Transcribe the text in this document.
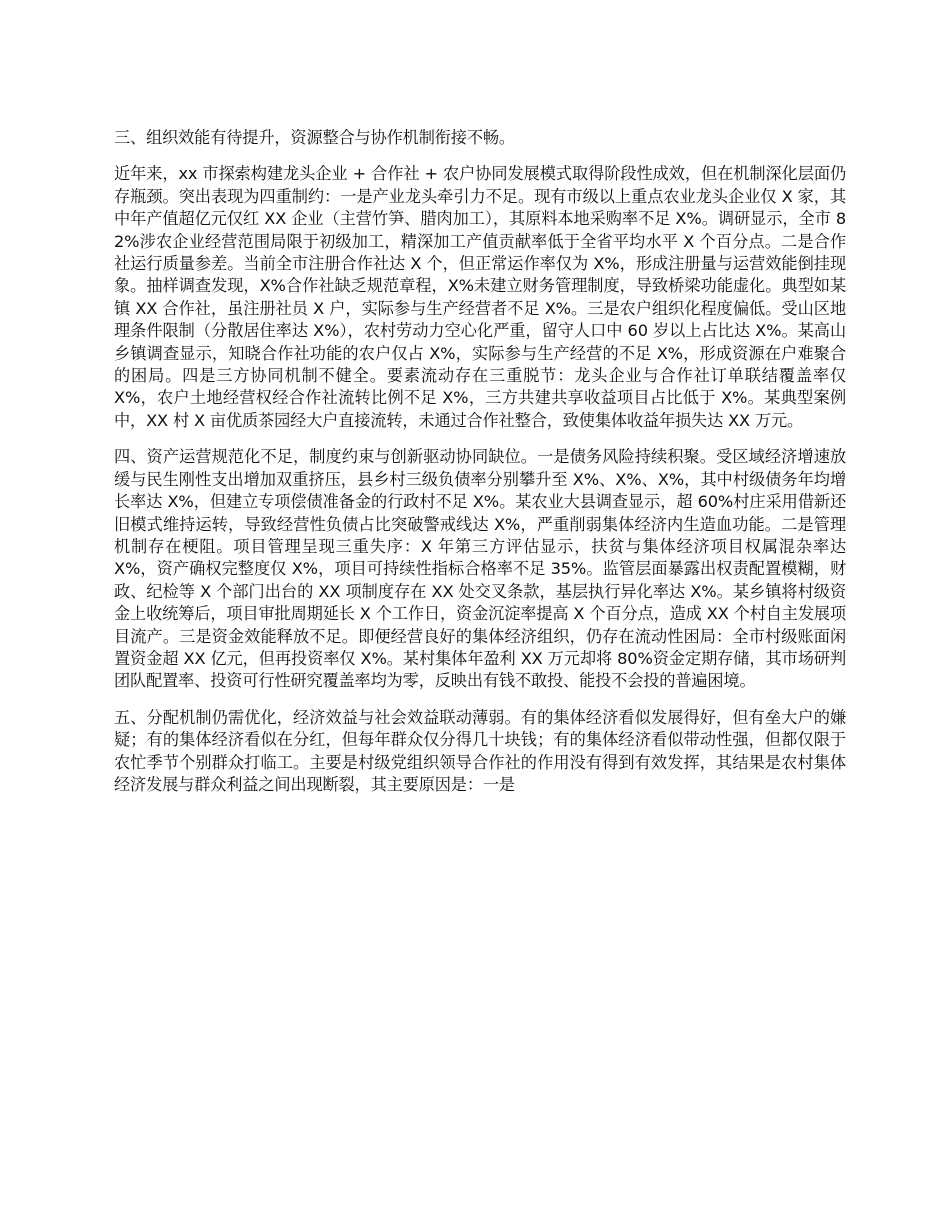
三、组织效能有待提升，资源整合与协作机制衔接不畅。

近年来，xx 市探索构建龙头企业 + 合作社 + 农户协同发展模式取得阶段性成效，但在机制深化层面仍存瓶颈。突出表现为四重制约：一是产业龙头牵引力不足。现有市级以上重点农业龙头企业仅 X 家，其中年产值超亿元仅红 XX 企业（主营竹笋、腊肉加工），其原料本地采购率不足 X%。调研显示，全市 82%涉农企业经营范围局限于初级加工，精深加工产值贡献率低于全省平均水平 X 个百分点。二是合作社运行质量参差。当前全市注册合作社达 X 个，但正常运作率仅为 X%，形成注册量与运营效能倒挂现象。抽样调查发现，X%合作社缺乏规范章程，X%未建立财务管理制度，导致桥梁功能虚化。典型如某镇 XX 合作社，虽注册社员 X 户，实际参与生产经营者不足 X%。三是农户组织化程度偏低。受山区地理条件限制（分散居住率达 X%），农村劳动力空心化严重，留守人口中 60 岁以上占比达 X%。某高山乡镇调查显示，知晓合作社功能的农户仅占 X%，实际参与生产经营的不足 X%，形成资源在户难聚合的困局。四是三方协同机制不健全。要素流动存在三重脱节：龙头企业与合作社订单联结覆盖率仅 X%，农户土地经营权经合作社流转比例不足 X%，三方共建共享收益项目占比低于 X%。某典型案例中，XX 村 X 亩优质茶园经大户直接流转，未通过合作社整合，致使集体收益年损失达 XX 万元。

四、资产运营规范化不足，制度约束与创新驱动协同缺位。一是债务风险持续积聚。受区域经济增速放缓与民生刚性支出增加双重挤压，县乡村三级负债率分别攀升至 X%、X%、X%，其中村级债务年均增长率达 X%，但建立专项偿债准备金的行政村不足 X%。某农业大县调查显示，超 60%村庄采用借新还旧模式维持运转，导致经营性负债占比突破警戒线达 X%，严重削弱集体经济内生造血功能。二是管理机制存在梗阻。项目管理呈现三重失序：X 年第三方评估显示，扶贫与集体经济项目权属混杂率达 X%，资产确权完整度仅 X%，项目可持续性指标合格率不足 35%。监管层面暴露出权责配置模糊，财政、纪检等 X 个部门出台的 XX 项制度存在 XX 处交叉条款，基层执行异化率达 X%。某乡镇将村级资金上收统筹后，项目审批周期延长 X 个工作日，资金沉淀率提高 X 个百分点，造成 XX 个村自主发展项目流产。三是资金效能释放不足。即便经营良好的集体经济组织，仍存在流动性困局：全市村级账面闲置资金超 XX 亿元，但再投资率仅 X%。某村集体年盈利 XX 万元却将 80%资金定期存储，其市场研判团队配置率、投资可行性研究覆盖率均为零，反映出有钱不敢投、能投不会投的普遍困境。

五、分配机制仍需优化，经济效益与社会效益联动薄弱。有的集体经济看似发展得好，但有垒大户的嫌疑；有的集体经济看似在分红，但每年群众仅分得几十块钱；有的集体经济看似带动性强，但都仅限于农忙季节个别群众打临工。主要是村级党组织领导合作社的作用没有得到有效发挥，其结果是农村集体经济发展与群众利益之间出现断裂，其主要原因是：一是
